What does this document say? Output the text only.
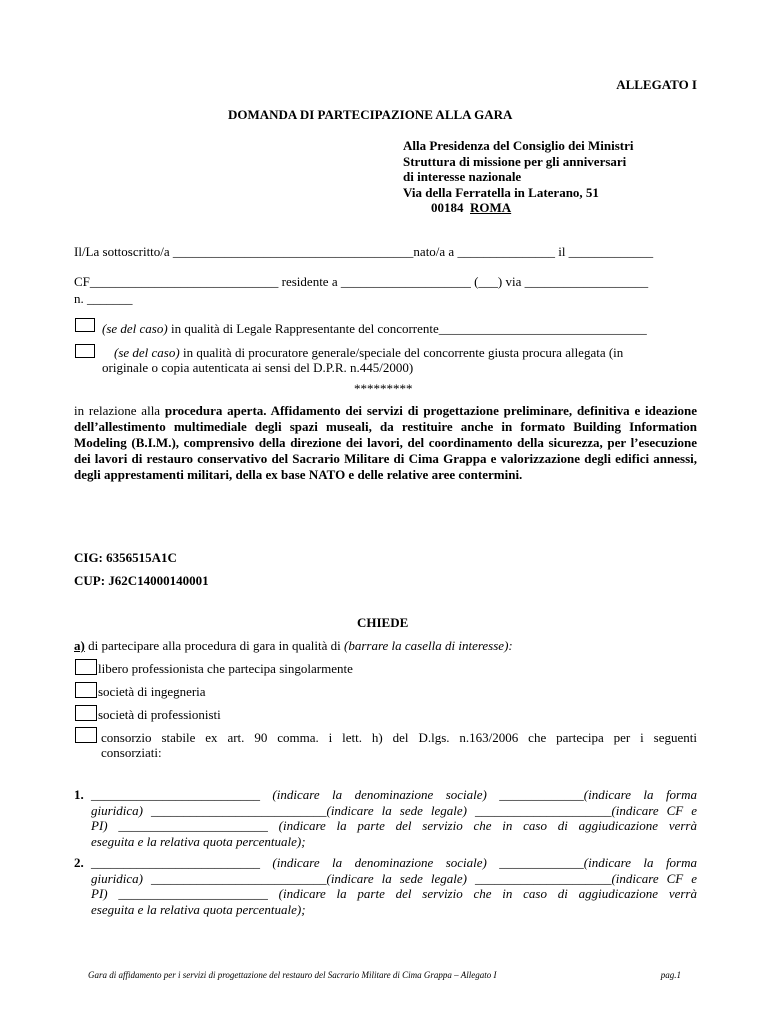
ALLEGATO I
DOMANDA DI PARTECIPAZIONE ALLA GARA
Alla Presidenza del Consiglio dei Ministri
Struttura di missione per gli anniversari
di interesse nazionale
Via della Ferratella in Laterano, 51
00184 ROMA
Il/La sottoscritto/a _____________________________________nato/a a _______________ il _____________
CF_____________________________ residente a ____________________ (___) via ___________________
n. _______
(se del caso) in qualità di Legale Rappresentante del concorrente________________________________
(se del caso) in qualità di procuratore generale/speciale del concorrente giusta procura allegata (in
originale o copia autenticata ai sensi del D.P.R. n.445/2000)
*********
in relazione alla procedura aperta. Affidamento dei servizi di progettazione preliminare, definitiva e ideazione dell’allestimento multimediale degli spazi museali, da restituire anche in formato Building Information Modeling (B.I.M.), comprensivo della direzione dei lavori, del coordinamento della sicurezza, per l’esecuzione dei lavori di restauro conservativo del Sacrario Militare di Cima Grappa e valorizzazione degli edifici annessi, degli apprestamenti militari, della ex base NATO e delle relative aree contermini.
CIG: 6356515A1C
CUP: J62C14000140001
CHIEDE
a) di partecipare alla procedura di gara in qualità di (barrare la casella di interesse):
libero professionista che partecipa singolarmente
società di ingegneria
società di professionisti
consorzio stabile ex art. 90 comma. i lett. h) del D.lgs. n.163/2006 che partecipa per i seguenti
consorziati:
1. __________________________ (indicare la denominazione sociale) _____________(indicare la forma
giuridica) ___________________________(indicare la sede legale) _____________________(indicare CF e
PI) _______________________ (indicare la parte del servizio che in caso di aggiudicazione verrà
eseguita e la relativa quota percentuale);
2. __________________________ (indicare la denominazione sociale) _____________(indicare la forma
giuridica) ___________________________(indicare la sede legale) _____________________(indicare CF e
PI) _______________________ (indicare la parte del servizio che in caso di aggiudicazione verrà
eseguita e la relativa quota percentuale);
Gara di affidamento per i servizi di progettazione del restauro del Sacrario Militare di Cima Grappa – Allegato I	pag.1
